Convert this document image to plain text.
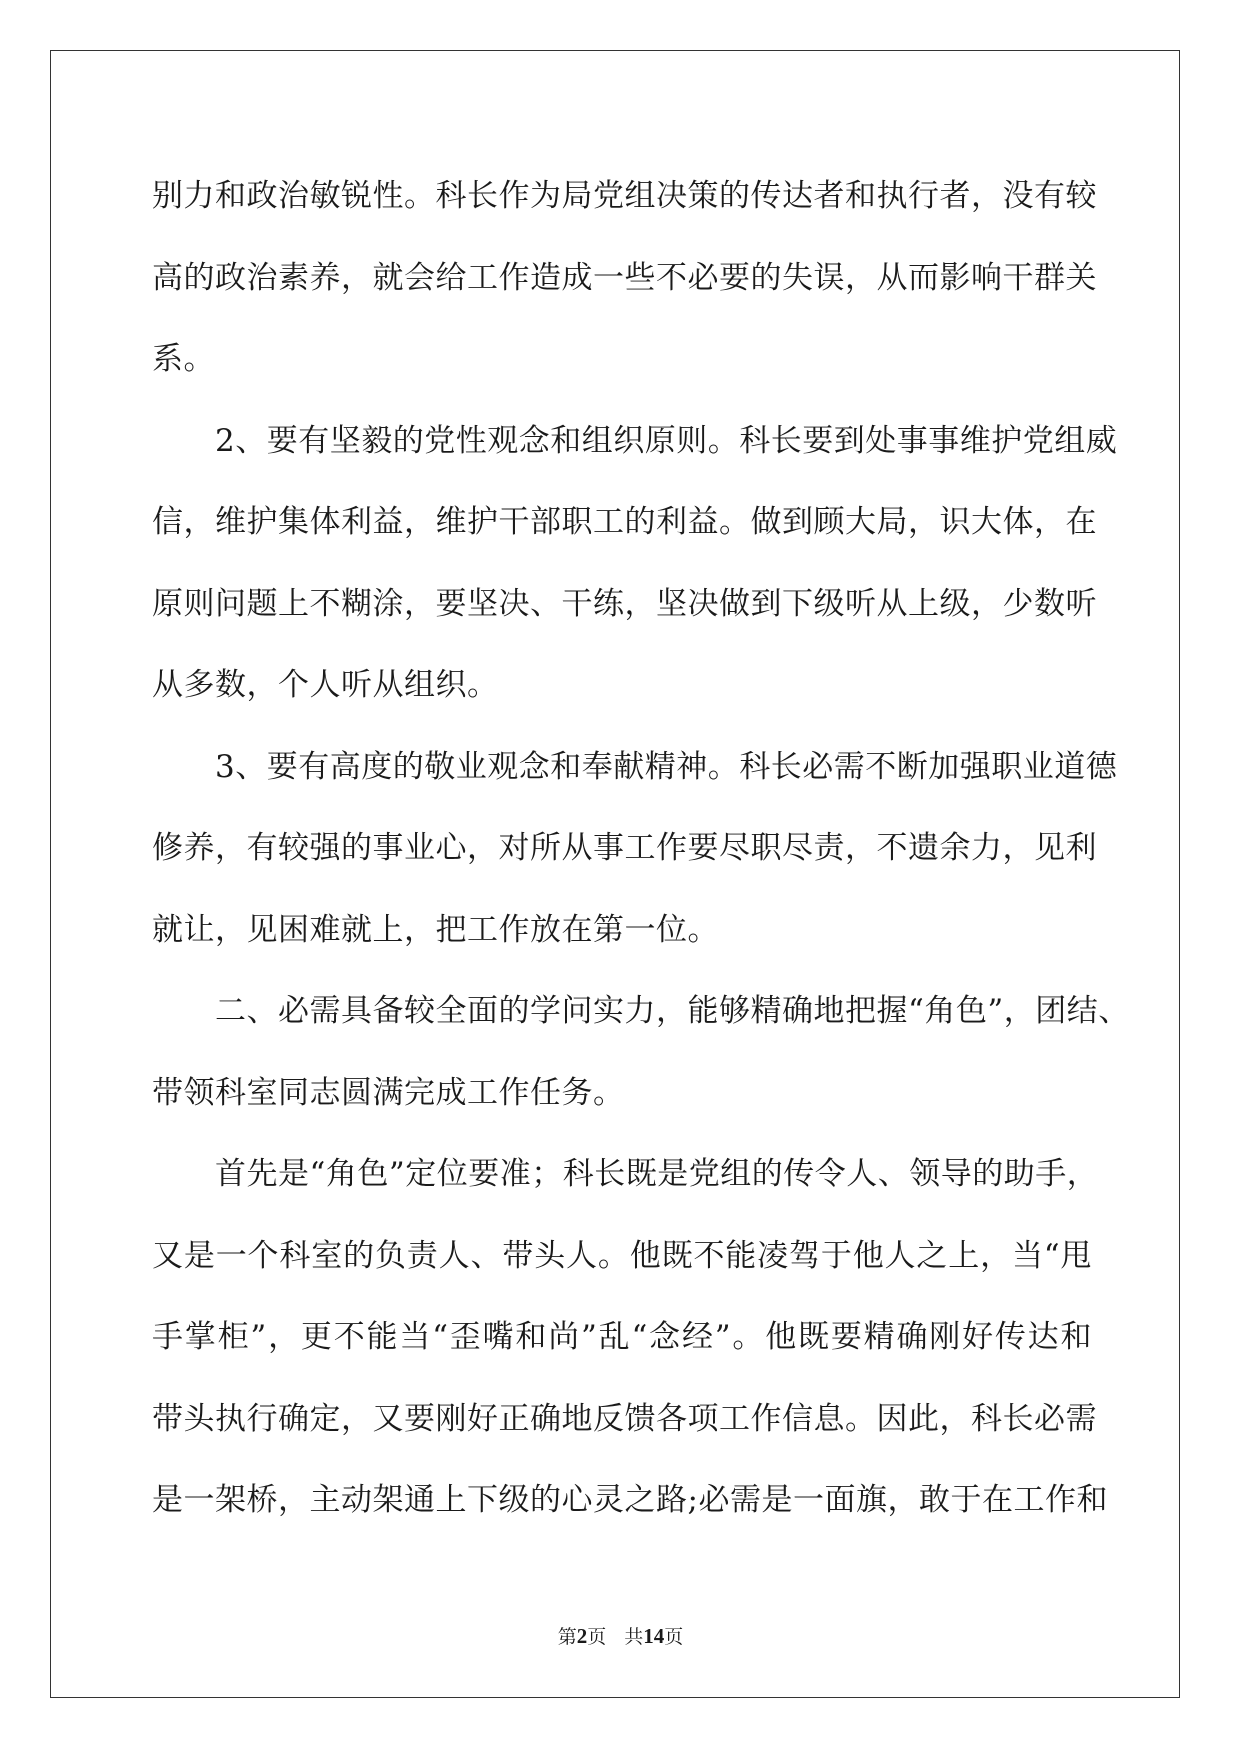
别力和政治敏锐性。科长作为局党组决策的传达者和执行者，没有较
高的政治素养，就会给工作造成一些不必要的失误，从而影响干群关
系。
2、要有坚毅的党性观念和组织原则。科长要到处事事维护党组威
信，维护集体利益，维护干部职工的利益。做到顾大局，识大体，在
原则问题上不糊涂，要坚决、干练，坚决做到下级听从上级，少数听
从多数，个人听从组织。
3、要有高度的敬业观念和奉献精神。科长必需不断加强职业道德
修养，有较强的事业心，对所从事工作要尽职尽责，不遗余力，见利
就让，见困难就上，把工作放在第一位。
二、必需具备较全面的学问实力，能够精确地把握“角色”，团结、
带领科室同志圆满完成工作任务。
首先是“角色”定位要准；科长既是党组的传令人、领导的助手，
又是一个科室的负责人、带头人。他既不能凌驾于他人之上，当“甩
手掌柜”，更不能当“歪嘴和尚”乱“念经”。他既要精确刚好传达和
带头执行确定，又要刚好正确地反馈各项工作信息。因此，科长必需
是一架桥，主动架通上下级的心灵之路;必需是一面旗，敢于在工作和
第2页 共14页
